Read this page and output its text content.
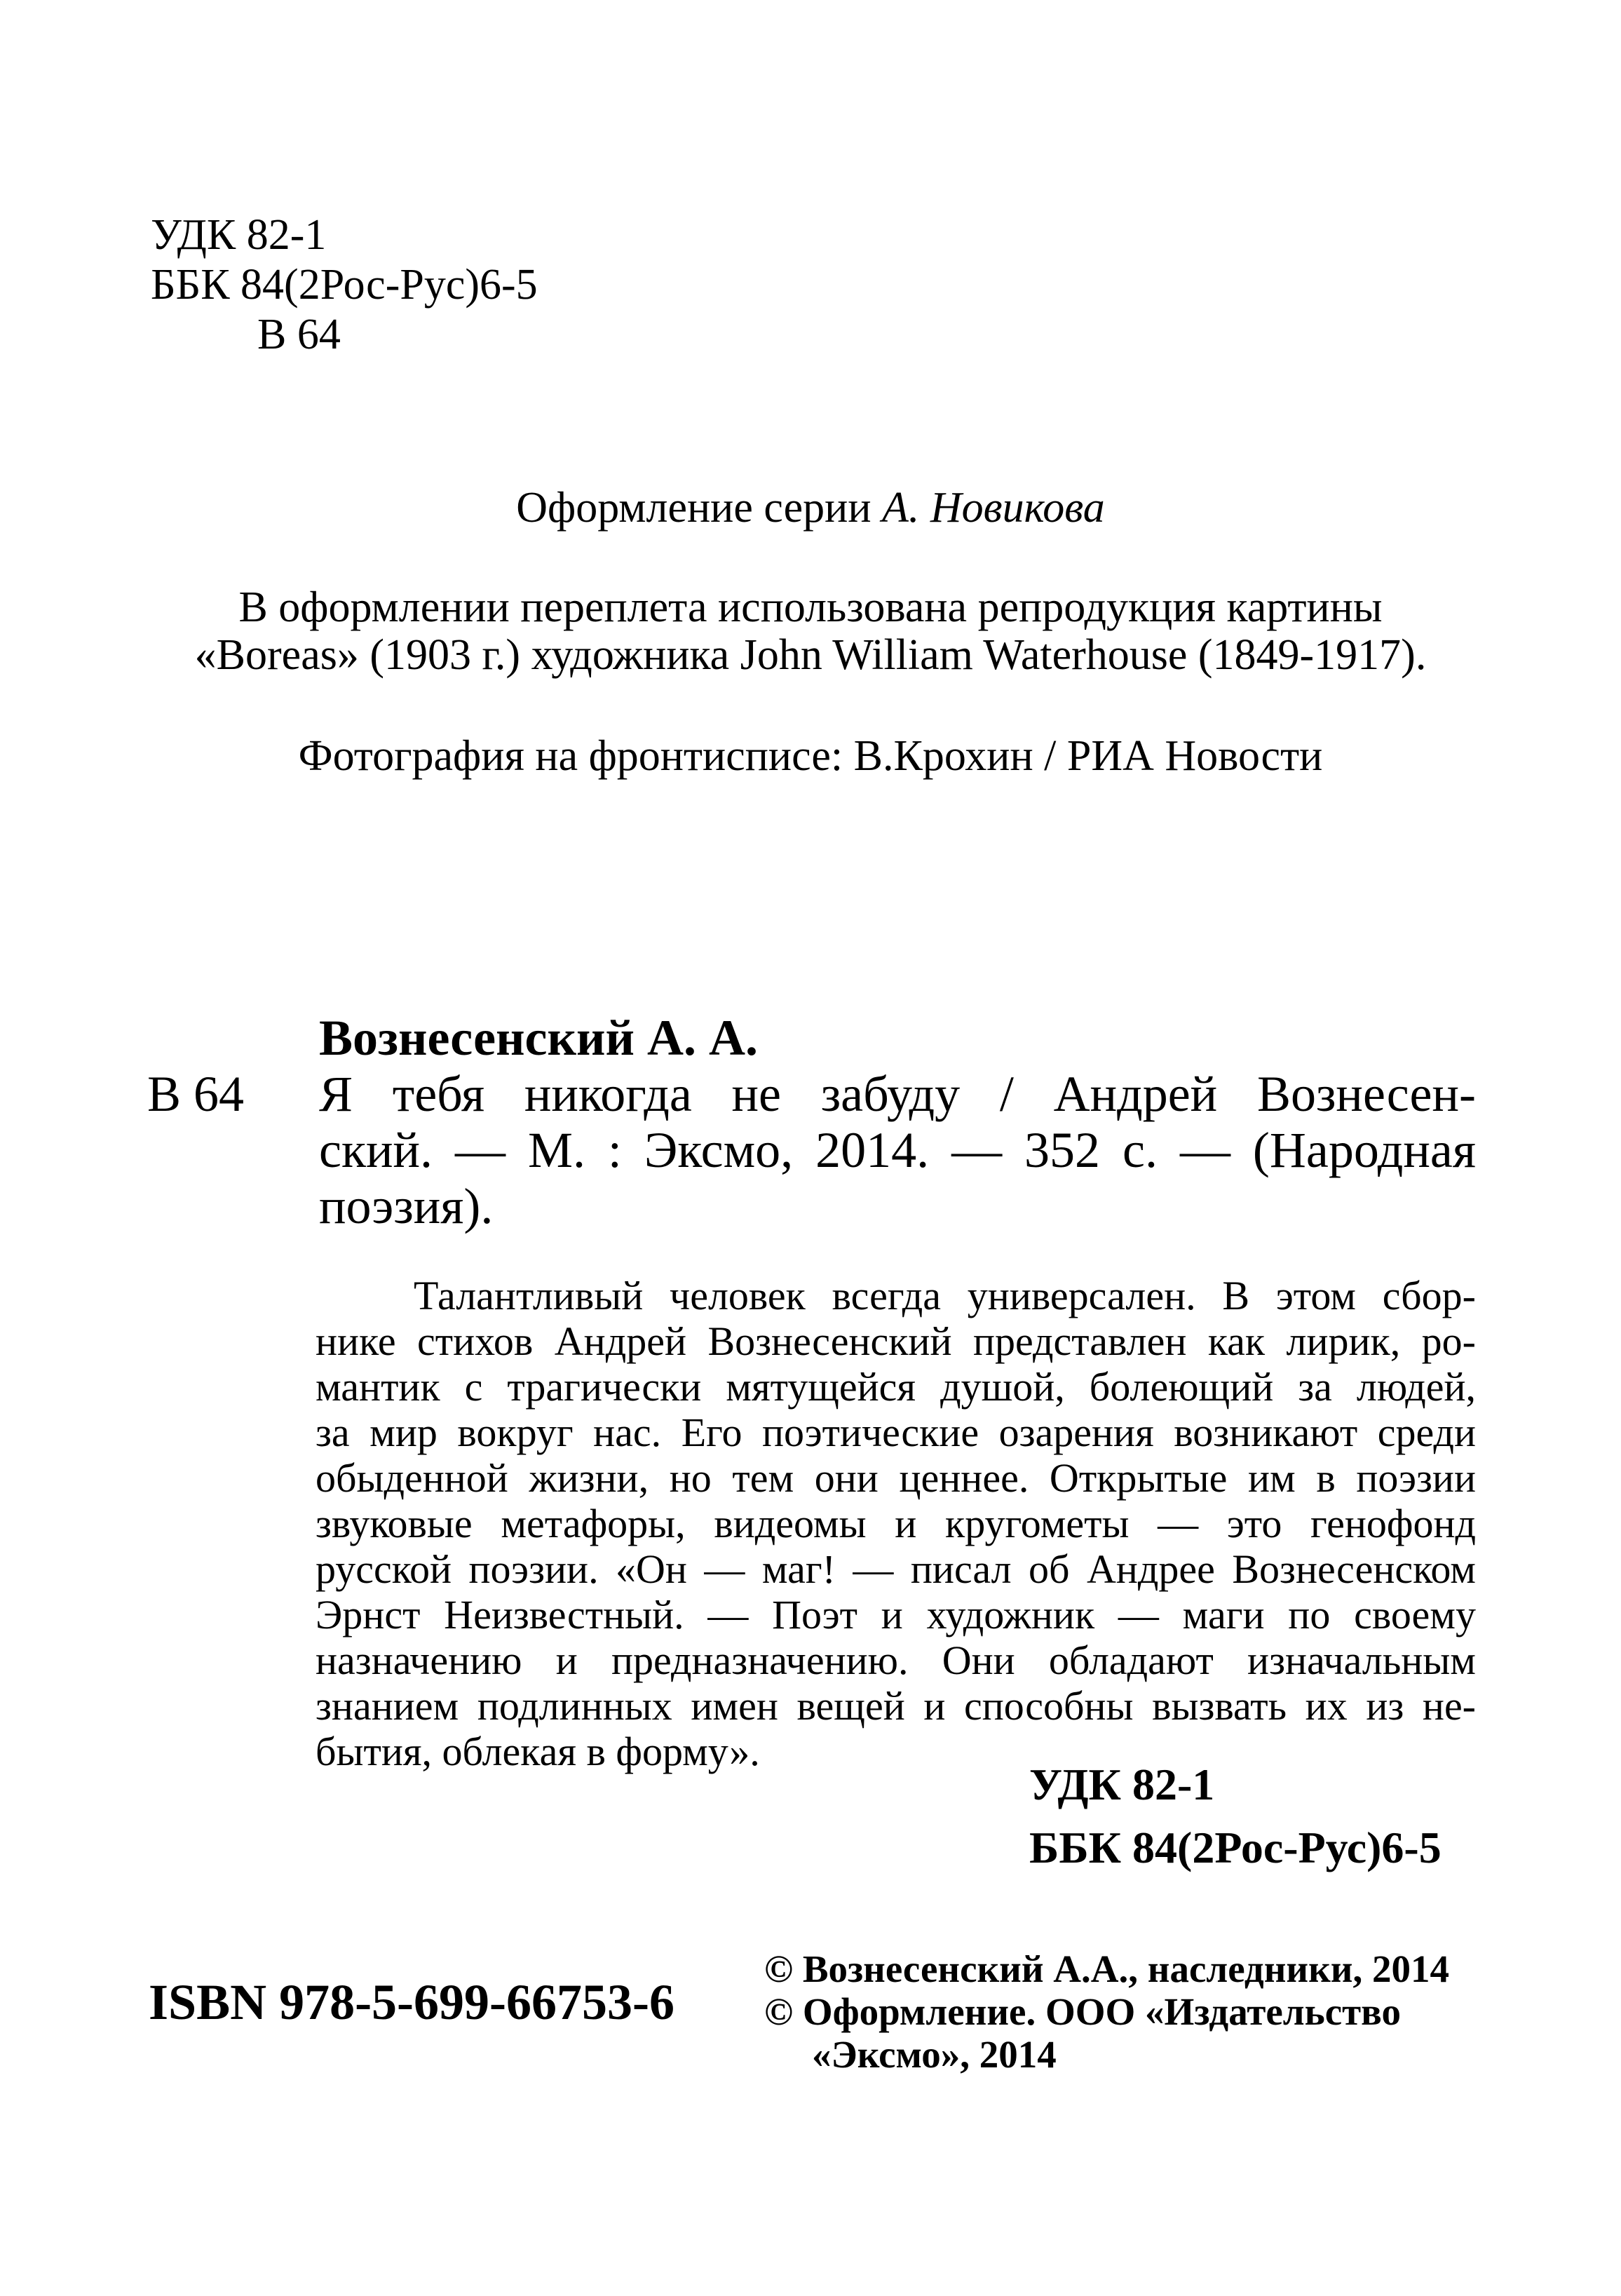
УДК 82-1
ББК 84(2Рос-Рус)6-5
В 64
Оформление серии А. Новикова
В оформлении переплета использована репродукция картины
«Boreas» (1903 г.) художника John William Waterhouse (1849-1917).
Фотография на фронтисписе: В.Крохин / РИА Новости
Вознесенский А. А.
В 64 Я тебя никогда не забуду / Андрей Вознесен-
ский. — М. : Эксмо, 2014. — 352 с. — (Народная
поэзия).
Талантливый человек всегда универсален. В этом сбор-
нике стихов Андрей Вознесенский представлен как лирик, ро-
мантик с трагически мятущейся душой, болеющий за людей,
за мир вокруг нас. Его поэтические озарения возникают среди
обыденной жизни, но тем они ценнее. Открытые им в поэзии
звуковые метафоры, видеомы и кругометы — это генофонд
русской поэзии. «Он — маг! — писал об Андрее Вознесенском
Эрнст Неизвестный. — Поэт и художник — маги по своему
назначению и предназначению. Они обладают изначальным
знанием подлинных имен вещей и способны вызвать их из не-
бытия, облекая в форму».
УДК 82-1
ББК 84(2Рос-Рус)6-5
© Вознесенский А.А., наследники, 2014
© Оформление. ООО «Издательство
«Эксмо», 2014
ISBN 978-5-699-66753-6
